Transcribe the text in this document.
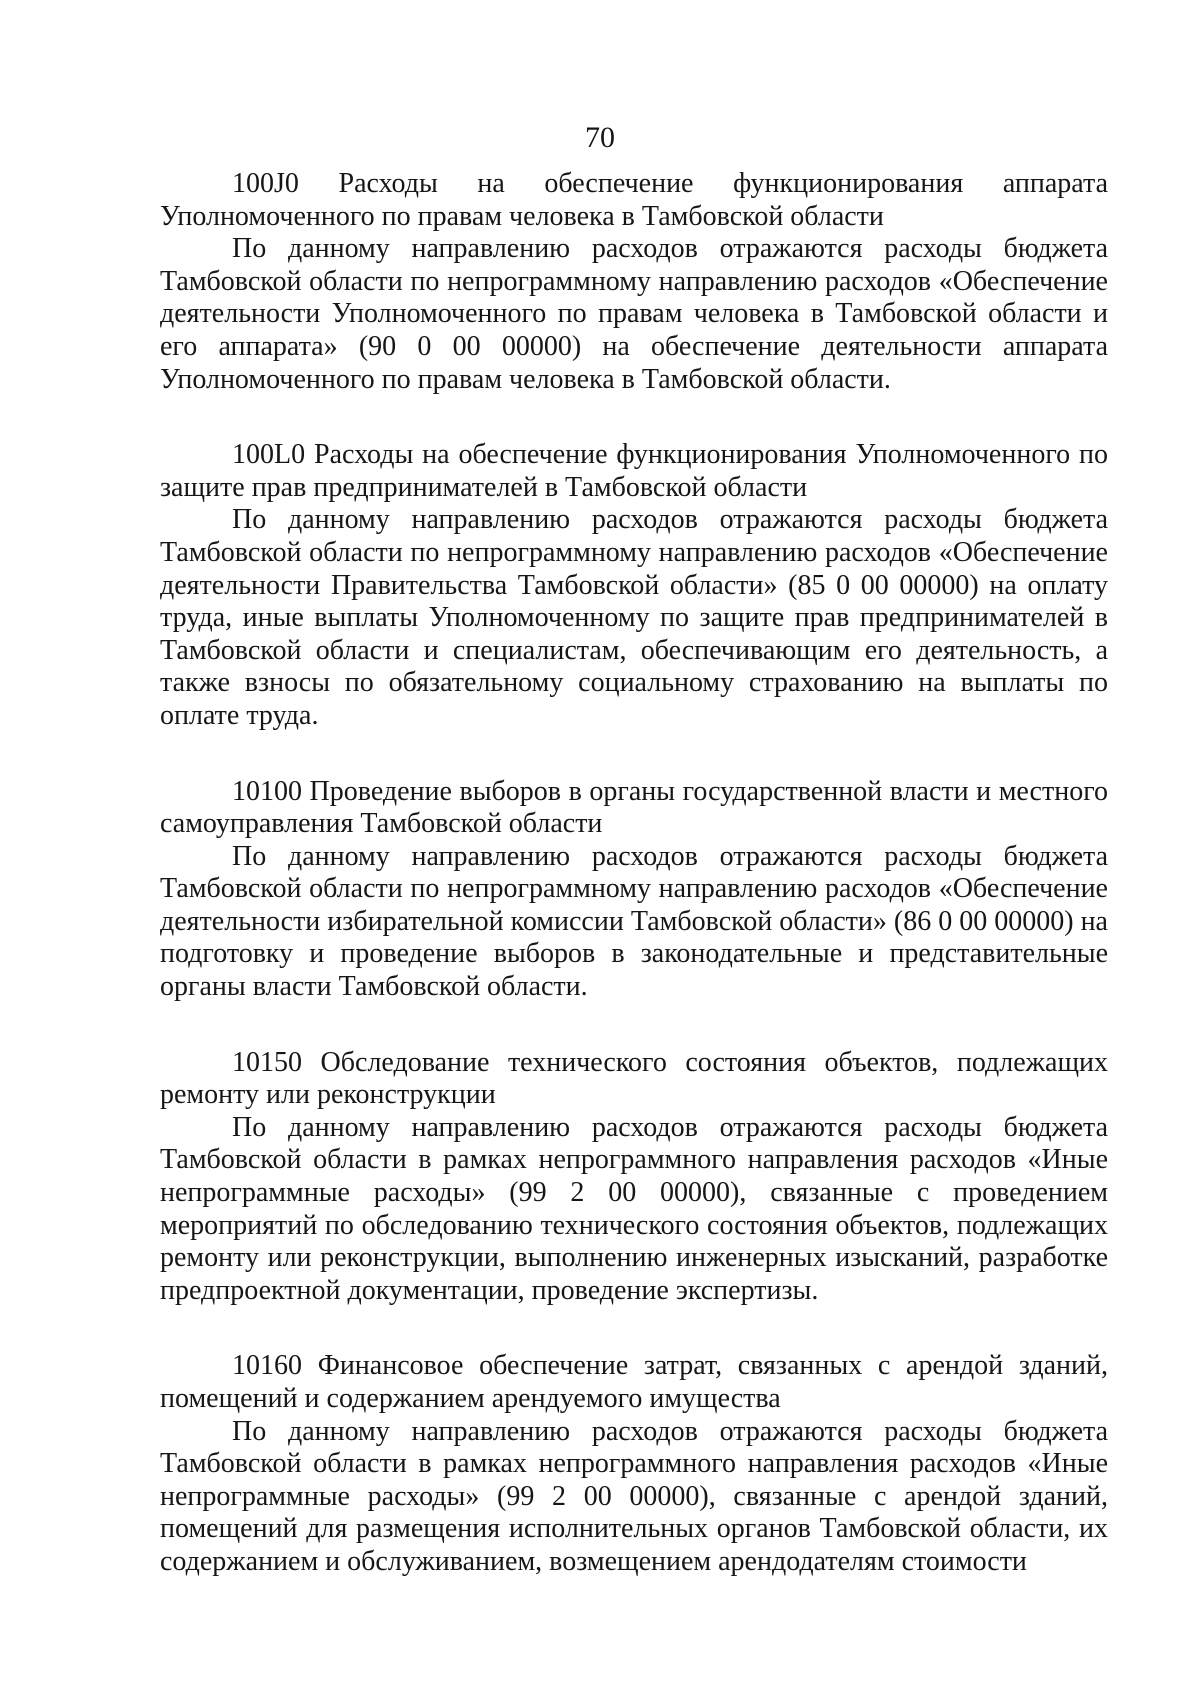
70

100J0 Расходы на обеспечение функционирования аппарата Уполномоченного по правам человека в Тамбовской области

По данному направлению расходов отражаются расходы бюджета Тамбовской области по непрограммному направлению расходов «Обеспечение деятельности Уполномоченного по правам человека в Тамбовской области и его аппарата» (90 0 00 00000) на обеспечение деятельности аппарата Уполномоченного по правам человека в Тамбовской области.

100L0 Расходы на обеспечение функционирования Уполномоченного по защите прав предпринимателей в Тамбовской области

По данному направлению расходов отражаются расходы бюджета Тамбовской области по непрограммному направлению расходов «Обеспечение деятельности Правительства Тамбовской области» (85 0 00 00000) на оплату труда, иные выплаты Уполномоченному по защите прав предпринимателей в Тамбовской области и специалистам, обеспечивающим его деятельность, а также взносы по обязательному социальному страхованию на выплаты по оплате труда.

10100 Проведение выборов в органы государственной власти и местного самоуправления Тамбовской области

По данному направлению расходов отражаются расходы бюджета Тамбовской области по непрограммному направлению расходов «Обеспечение деятельности избирательной комиссии Тамбовской области» (86 0 00 00000) на подготовку и проведение выборов в законодательные и представительные органы власти Тамбовской области.

10150 Обследование технического состояния объектов, подлежащих ремонту или реконструкции

По данному направлению расходов отражаются расходы бюджета Тамбовской области в рамках непрограммного направления расходов «Иные непрограммные расходы» (99 2 00 00000), связанные с проведением мероприятий по обследованию технического состояния объектов, подлежащих ремонту или реконструкции, выполнению инженерных изысканий, разработке предпроектной документации, проведение экспертизы.

10160 Финансовое обеспечение затрат, связанных с арендой зданий, помещений и содержанием арендуемого имущества

По данному направлению расходов отражаются расходы бюджета Тамбовской области в рамках непрограммного направления расходов «Иные непрограммные расходы» (99 2 00 00000), связанные с арендой зданий, помещений для размещения исполнительных органов Тамбовской области, их содержанием и обслуживанием, возмещением арендодателям стоимости
